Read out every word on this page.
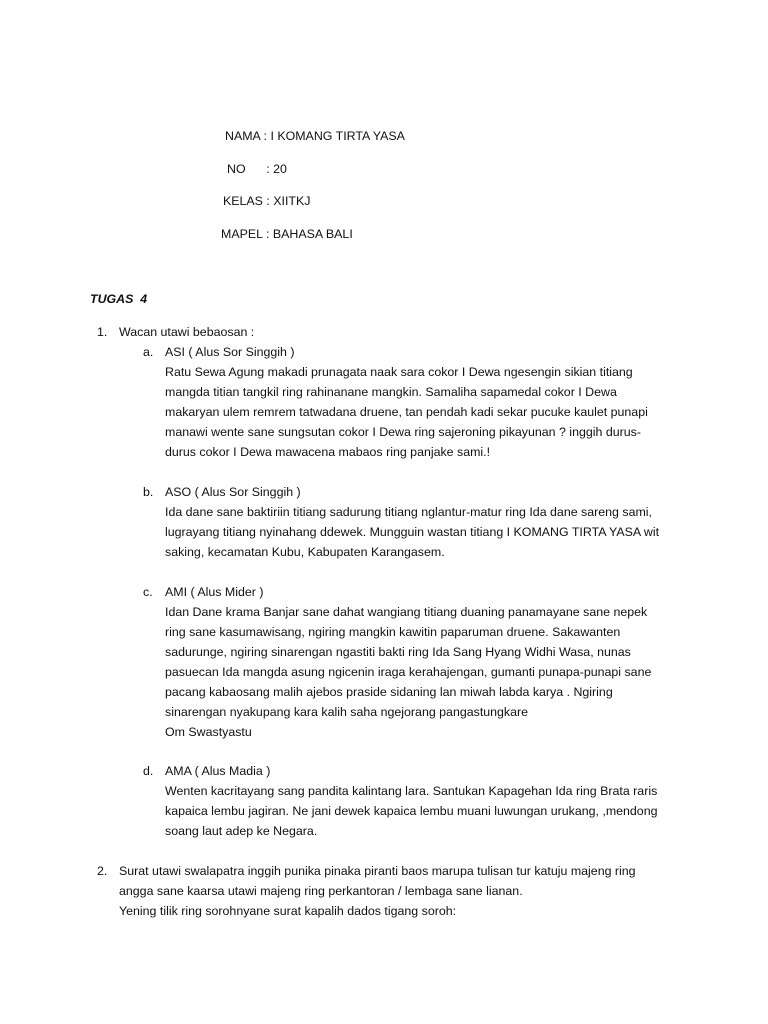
NAMA : I KOMANG TIRTA YASA
NO      : 20
KELAS : XIITKJ
MAPEL : BAHASA BALI
TUGAS  4
1. Wacan utawi bebaosan :
a. ASI ( Alus Sor Singgih )
Ratu Sewa Agung makadi prunagata naak sara cokor I Dewa ngesengin sikian titiang
mangda titian tangkil ring rahinanane mangkin. Samaliha sapamedal cokor I Dewa
makaryan ulem remrem tatwadana druene, tan pendah kadi sekar pucuke kaulet punapi
manawi wente sane sungsutan cokor I Dewa ring sajeroning pikayunan ? inggih durus-
durus cokor I Dewa mawacena mabaos ring panjake sami.!
b. ASO ( Alus Sor Singgih )
Ida dane sane baktiriin titiang sadurung titiang nglantur-matur ring Ida dane sareng sami,
lugrayang titiang nyinahang ddewek. Mungguin wastan titiang I KOMANG TIRTA YASA wit
saking, kecamatan Kubu, Kabupaten Karangasem.
c. AMI ( Alus Mider )
Idan Dane krama Banjar sane dahat wangiang titiang duaning panamayane sane nepek
ring sane kasumawisang, ngiring mangkin kawitin paparuman druene. Sakawanten
sadurunge, ngiring sinarengan ngastiti bakti ring Ida Sang Hyang Widhi Wasa, nunas
pasuecan Ida mangda asung ngicenin iraga kerahajengan, gumanti punapa-punapi sane
pacang kabaosang malih ajebos praside sidaning lan miwah labda karya . Ngiring
sinarengan nyakupang kara kalih saha ngejorang pangastungkare
Om Swastyastu
d. AMA ( Alus Madia )
Wenten kacritayang sang pandita kalintang lara. Santukan Kapagehan Ida ring Brata raris
kapaica lembu jagiran. Ne jani dewek kapaica lembu muani luwungan urukang, ,mendong
soang laut adep ke Negara.
2. Surat utawi swalapatra inggih punika pinaka piranti baos marupa tulisan tur katuju majeng ring
angga sane kaarsa utawi majeng ring perkantoran / lembaga sane lianan.
Yening tilik ring sorohnyane surat kapalih dados tigang soroh:
